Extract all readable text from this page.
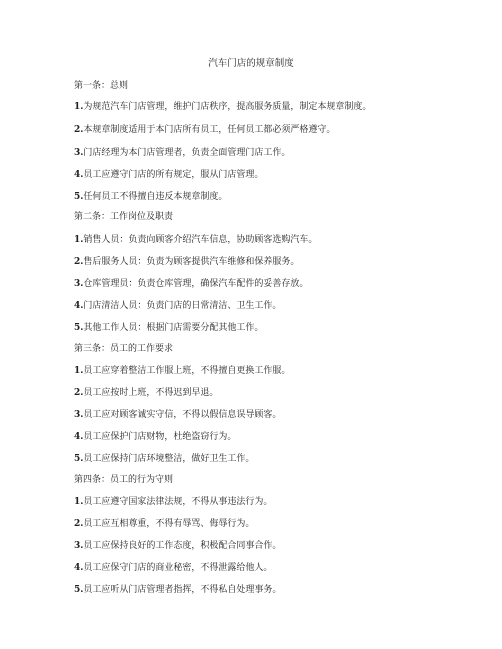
汽车门店的规章制度
第一条：总则
1.为规范汽车门店管理，维护门店秩序，提高服务质量，制定本规章制度。
2.本规章制度适用于本门店所有员工，任何员工都必须严格遵守。
3.门店经理为本门店管理者，负责全面管理门店工作。
4.员工应遵守门店的所有规定，服从门店管理。
5.任何员工不得擅自违反本规章制度。
第二条：工作岗位及职责
1.销售人员：负责向顾客介绍汽车信息，协助顾客选购汽车。
2.售后服务人员：负责为顾客提供汽车维修和保养服务。
3.仓库管理员：负责仓库管理，确保汽车配件的妥善存放。
4.门店清洁人员：负责门店的日常清洁、卫生工作。
5.其他工作人员：根据门店需要分配其他工作。
第三条：员工的工作要求
1.员工应穿着整洁工作服上班，不得擅自更换工作服。
2.员工应按时上班，不得迟到早退。
3.员工应对顾客诚实守信，不得以假信息误导顾客。
4.员工应保护门店财物，杜绝盗窃行为。
5.员工应保持门店环境整洁，做好卫生工作。
第四条：员工的行为守则
1.员工应遵守国家法律法规，不得从事违法行为。
2.员工应互相尊重，不得有辱骂、侮辱行为。
3.员工应保持良好的工作态度，积极配合同事合作。
4.员工应保守门店的商业秘密，不得泄露给他人。
5.员工应听从门店管理者指挥，不得私自处理事务。
